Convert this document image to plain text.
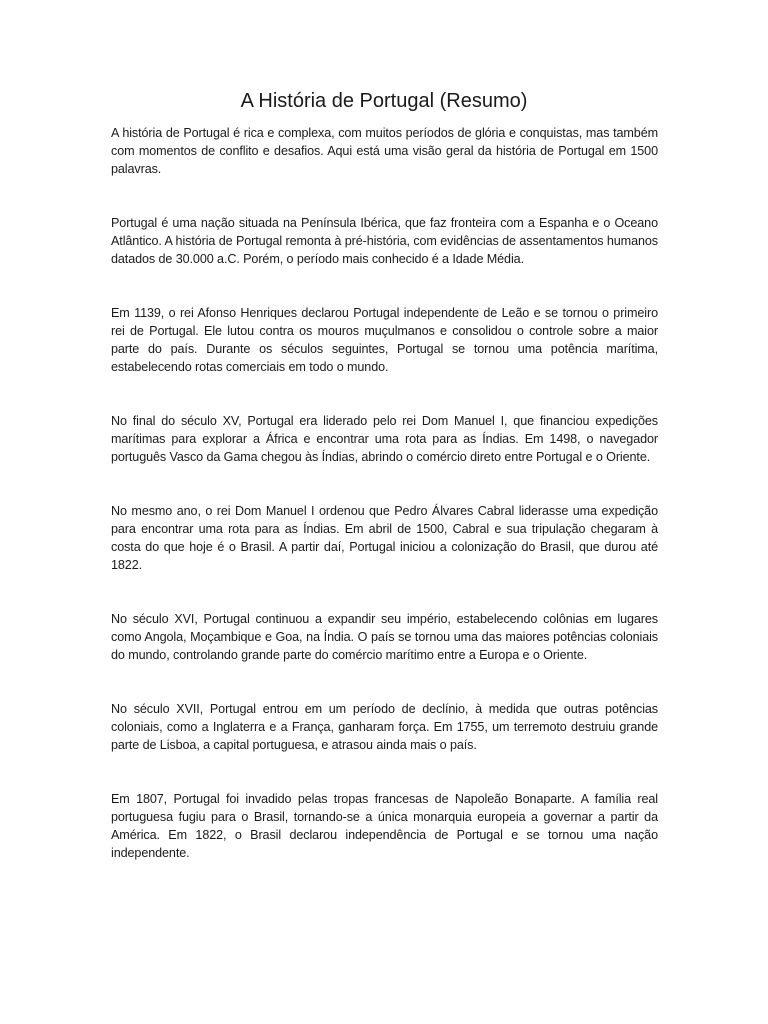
A História de Portugal (Resumo)

A história de Portugal é rica e complexa, com muitos períodos de glória e conquistas, mas também com momentos de conflito e desafios. Aqui está uma visão geral da história de Portugal em 1500 palavras.

Portugal é uma nação situada na Península Ibérica, que faz fronteira com a Espanha e o Oceano Atlântico. A história de Portugal remonta à pré-história, com evidências de assentamentos humanos datados de 30.000 a.C. Porém, o período mais conhecido é a Idade Média.

Em 1139, o rei Afonso Henriques declarou Portugal independente de Leão e se tornou o primeiro rei de Portugal. Ele lutou contra os mouros muçulmanos e consolidou o controle sobre a maior parte do país. Durante os séculos seguintes, Portugal se tornou uma potência marítima, estabelecendo rotas comerciais em todo o mundo.

No final do século XV, Portugal era liderado pelo rei Dom Manuel I, que financiou expedições marítimas para explorar a África e encontrar uma rota para as Índias. Em 1498, o navegador português Vasco da Gama chegou às Índias, abrindo o comércio direto entre Portugal e o Oriente.

No mesmo ano, o rei Dom Manuel I ordenou que Pedro Álvares Cabral liderasse uma expedição para encontrar uma rota para as Índias. Em abril de 1500, Cabral e sua tripulação chegaram à costa do que hoje é o Brasil. A partir daí, Portugal iniciou a colonização do Brasil, que durou até 1822.

No século XVI, Portugal continuou a expandir seu império, estabelecendo colônias em lugares como Angola, Moçambique e Goa, na Índia. O país se tornou uma das maiores potências coloniais do mundo, controlando grande parte do comércio marítimo entre a Europa e o Oriente.

No século XVII, Portugal entrou em um período de declínio, à medida que outras potências coloniais, como a Inglaterra e a França, ganharam força. Em 1755, um terremoto destruiu grande parte de Lisboa, a capital portuguesa, e atrasou ainda mais o país.

Em 1807, Portugal foi invadido pelas tropas francesas de Napoleão Bonaparte. A família real portuguesa fugiu para o Brasil, tornando-se a única monarquia europeia a governar a partir da América. Em 1822, o Brasil declarou independência de Portugal e se tornou uma nação independente.
